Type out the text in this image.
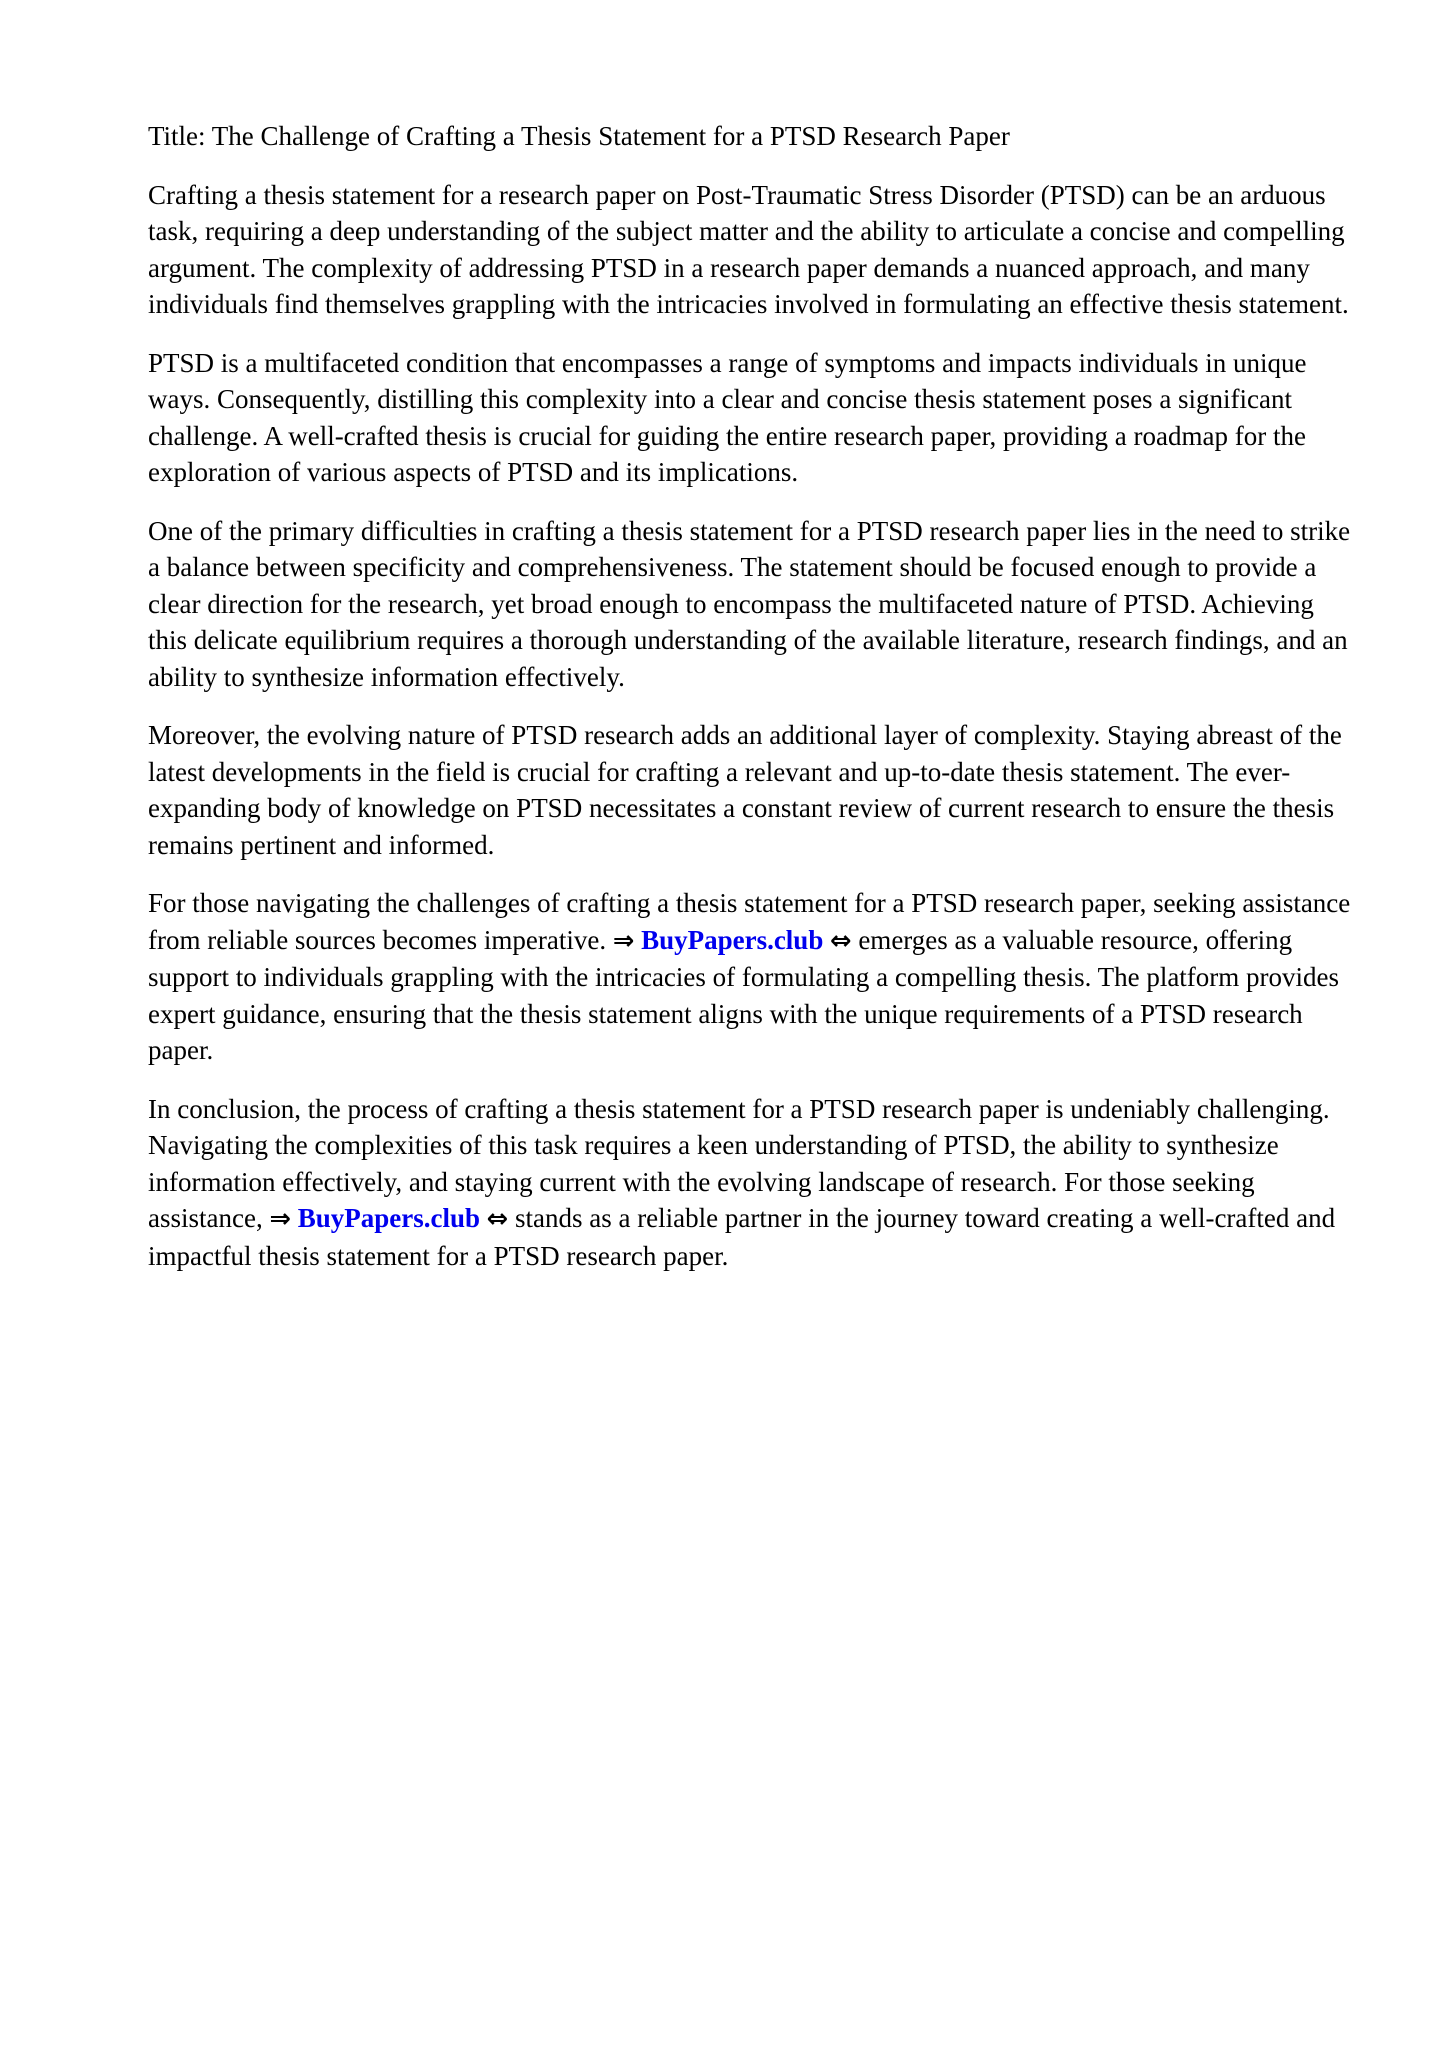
Title: The Challenge of Crafting a Thesis Statement for a PTSD Research Paper

Crafting a thesis statement for a research paper on Post-Traumatic Stress Disorder (PTSD) can be an arduous task, requiring a deep understanding of the subject matter and the ability to articulate a concise and compelling argument. The complexity of addressing PTSD in a research paper demands a nuanced approach, and many individuals find themselves grappling with the intricacies involved in formulating an effective thesis statement.

PTSD is a multifaceted condition that encompasses a range of symptoms and impacts individuals in unique ways. Consequently, distilling this complexity into a clear and concise thesis statement poses a significant challenge. A well-crafted thesis is crucial for guiding the entire research paper, providing a roadmap for the exploration of various aspects of PTSD and its implications.

One of the primary difficulties in crafting a thesis statement for a PTSD research paper lies in the need to strike a balance between specificity and comprehensiveness. The statement should be focused enough to provide a clear direction for the research, yet broad enough to encompass the multifaceted nature of PTSD. Achieving this delicate equilibrium requires a thorough understanding of the available literature, research findings, and an ability to synthesize information effectively.

Moreover, the evolving nature of PTSD research adds an additional layer of complexity. Staying abreast of the latest developments in the field is crucial for crafting a relevant and up-to-date thesis statement. The ever-expanding body of knowledge on PTSD necessitates a constant review of current research to ensure the thesis remains pertinent and informed.

For those navigating the challenges of crafting a thesis statement for a PTSD research paper, seeking assistance from reliable sources becomes imperative. ⇒ BuyPapers.club ⇔ emerges as a valuable resource, offering support to individuals grappling with the intricacies of formulating a compelling thesis. The platform provides expert guidance, ensuring that the thesis statement aligns with the unique requirements of a PTSD research paper.

In conclusion, the process of crafting a thesis statement for a PTSD research paper is undeniably challenging. Navigating the complexities of this task requires a keen understanding of PTSD, the ability to synthesize information effectively, and staying current with the evolving landscape of research. For those seeking assistance, ⇒ BuyPapers.club ⇔ stands as a reliable partner in the journey toward creating a well-crafted and impactful thesis statement for a PTSD research paper.
